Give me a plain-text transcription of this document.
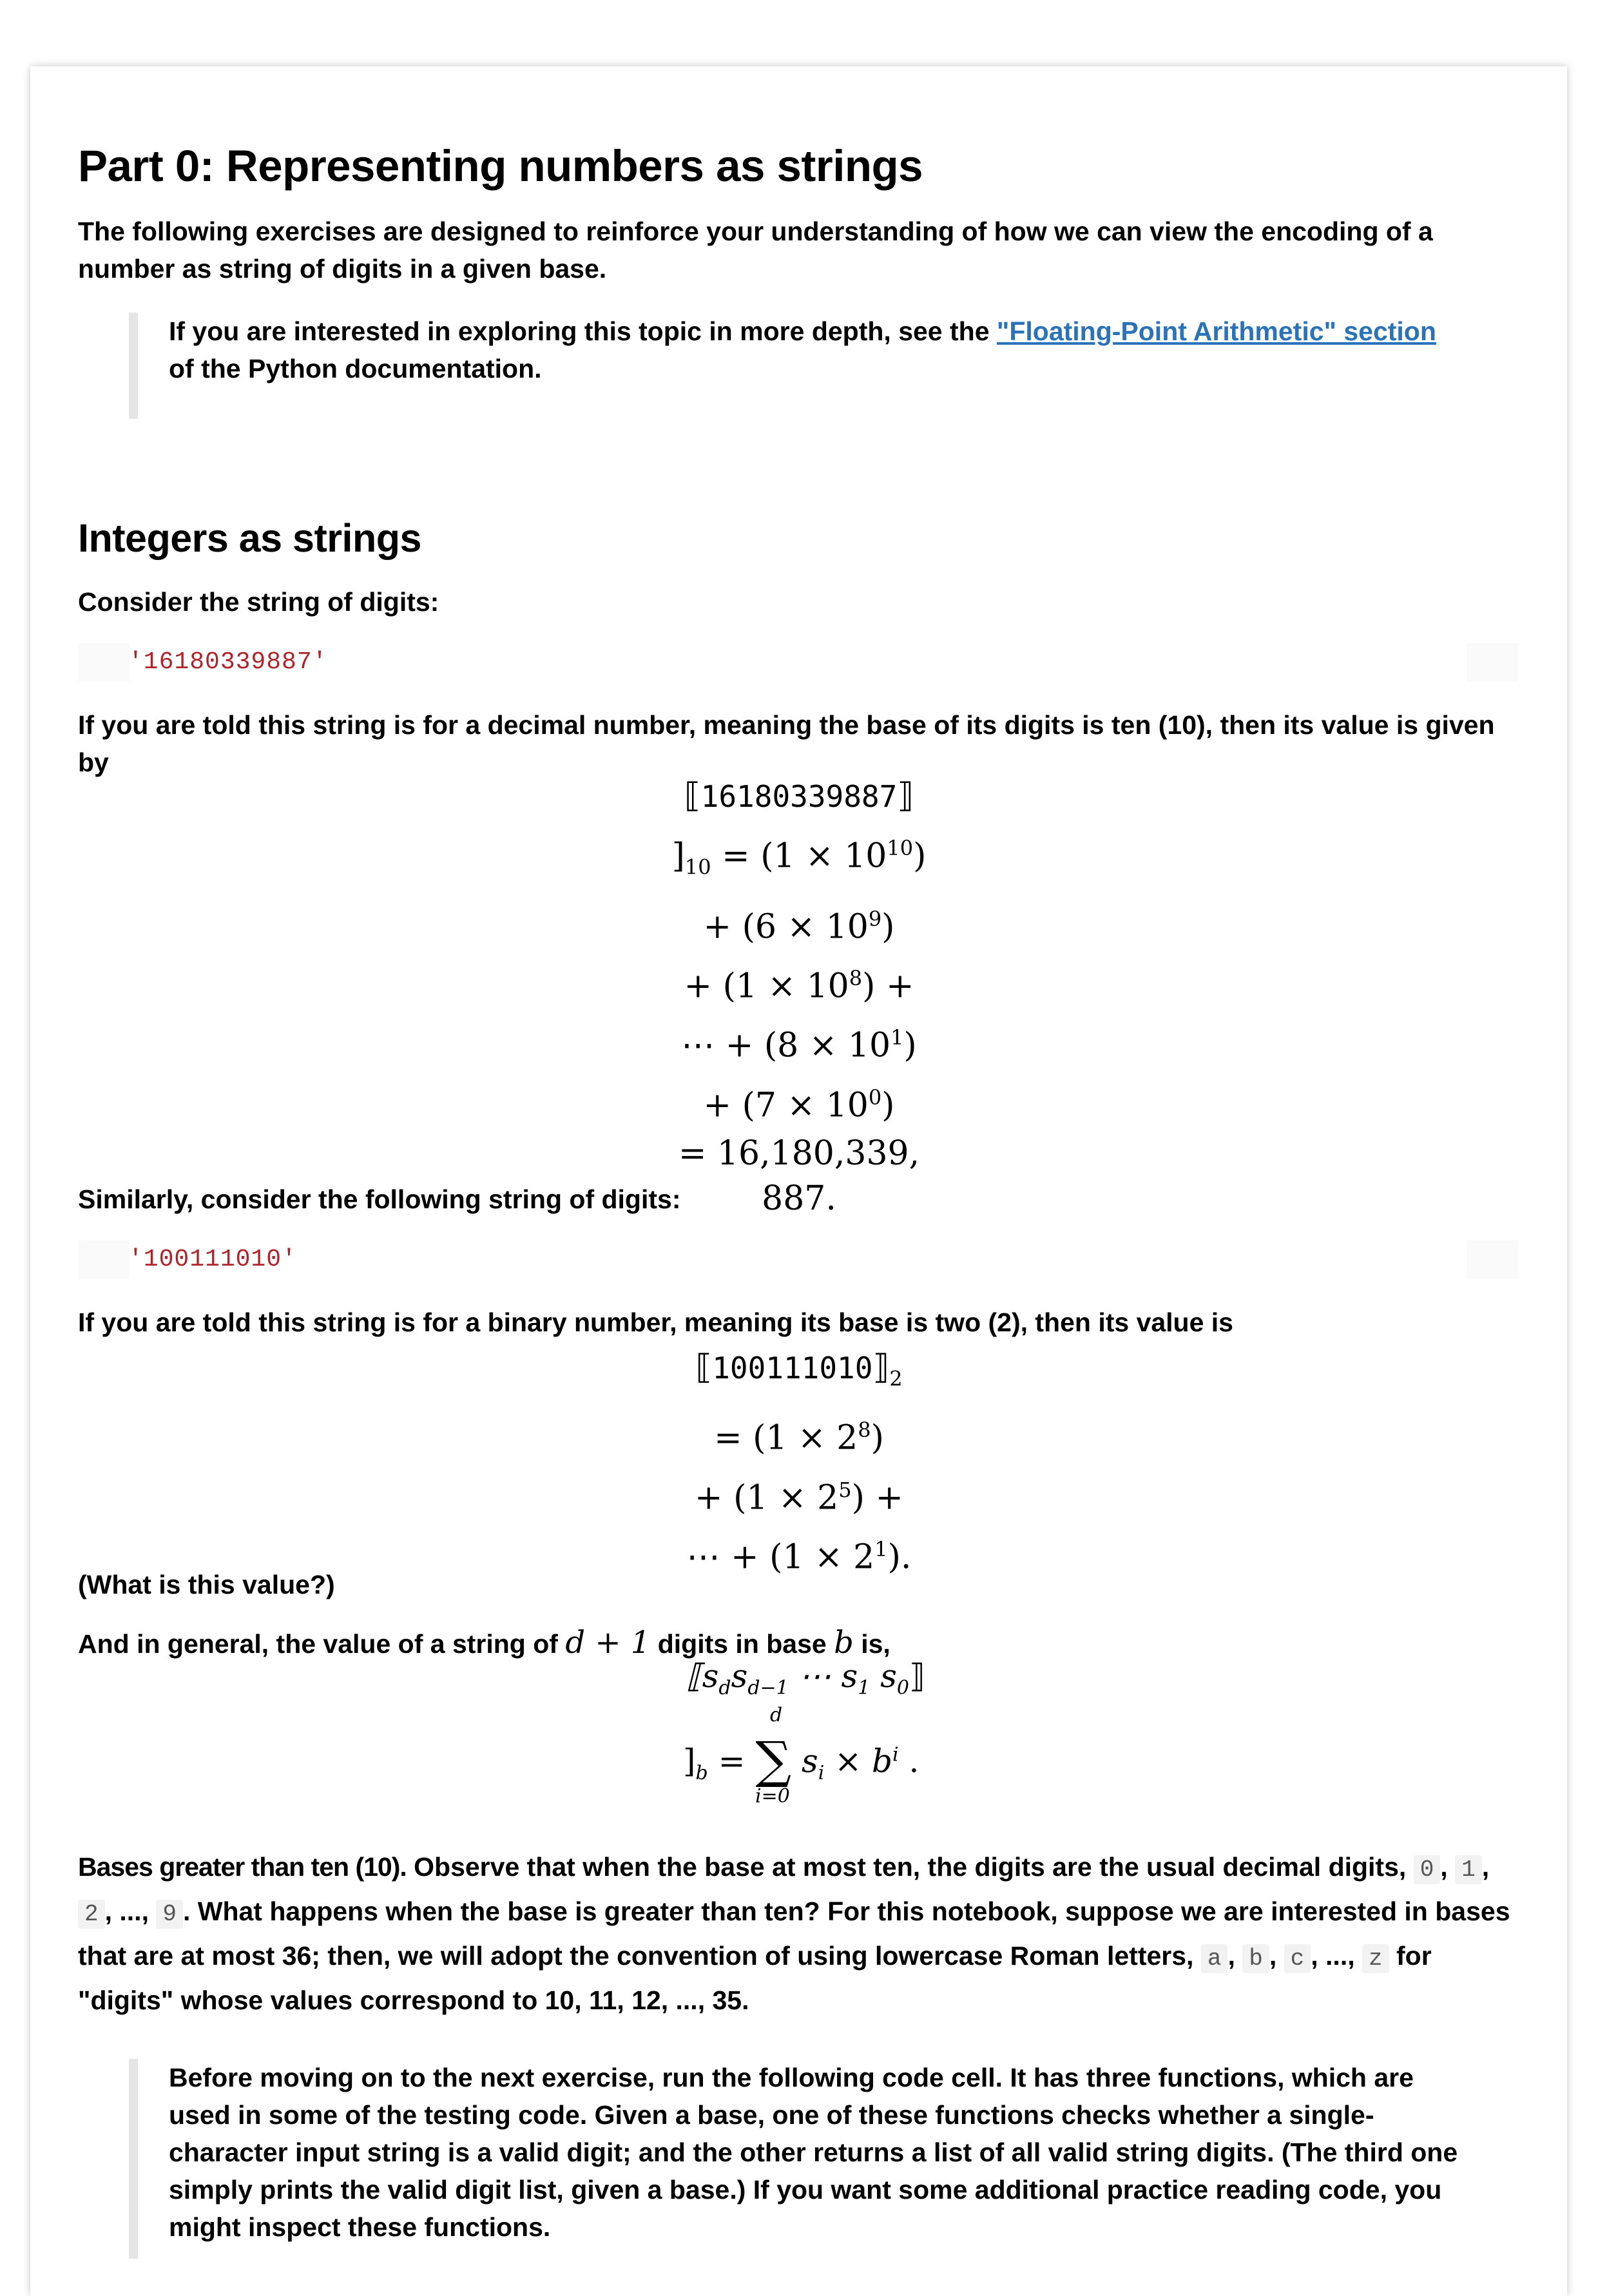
Part 0: Representing numbers as strings
The following exercises are designed to reinforce your understanding of how we can view the encoding of a number as string of digits in a given base.
If you are interested in exploring this topic in more depth, see the "Floating-Point Arithmetic" section of the Python documentation.
Integers as strings
Consider the string of digits:
'16180339887'
If you are told this string is for a decimal number, meaning the base of its digits is ten (10), then its value is given by
⟦16180339887⟧
]$_{10} = (1 \times 10^{10})$
+ $(6 \times 10^9)$
+ $(1 \times 10^8)$ +
⋯ + $(8 \times 10^1)$
+ $(7 \times 10^0)$
= 16,180,339,
887.
Similarly, consider the following string of digits:
'100111010'
If you are told this string is for a binary number, meaning its base is two (2), then its value is
$⟦100111010⟧_2$
= $(1 \times 2^8)$
+ $(1 \times 2^5)$ +
⋯ + $(1 \times 2^1)$.
(What is this value?)
And in general, the value of a string of d + 1 digits in base b is,
$⟦s_ds_{d-1}$ ⋯ $s_1$ $s_0⟧$
d
]$_b$ = ∑ $s_i \times b^i$ .
i=0
Bases greater than ten (10). Observe that when the base at most ten, the digits are the usual decimal digits, 0 , 1 , 2 , ..., 9 . What happens when the base is greater than ten? For this notebook, suppose we are interested in bases that are at most 36; then, we will adopt the convention of using lowercase Roman letters, a , b , c , ..., z for "digits" whose values correspond to 10, 11, 12, ..., 35.
Before moving on to the next exercise, run the following code cell. It has three functions, which are used in some of the testing code. Given a base, one of these functions checks whether a single-character input string is a valid digit; and the other returns a list of all valid string digits. (The third one simply prints the valid digit list, given a base.) If you want some additional practice reading code, you might inspect these functions.
